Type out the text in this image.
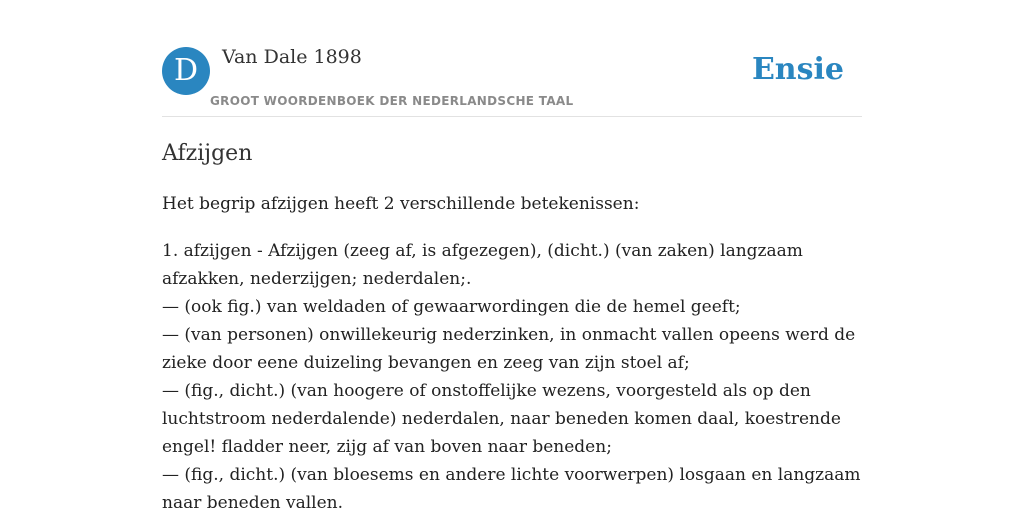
D	Van Dale 1898
GROOT WOORDENBOEK DER NEDERLANDSCHE TAAL
Ensie
Afzijgen

Het begrip afzijgen heeft 2 verschillende betekenissen:

1. afzijgen - Afzijgen (zeeg af, is afgezegen), (dicht.) (van zaken) langzaam
afzakken, nederzijgen; nederdalen;.
— (ook fig.) van weldaden of gewaarwordingen die de hemel geeft;
— (van personen) onwillekeurig nederzinken, in onmacht vallen opeens werd de
zieke door eene duizeling bevangen en zeeg van zijn stoel af;
— (fig., dicht.) (van hoogere of onstoffelijke wezens, voorgesteld als op den
luchtstroom nederdalende) nederdalen, naar beneden komen daal, koestrende
engel! fladder neer, zijg af van boven naar beneden;
— (fig., dicht.) (van bloesems en andere lichte voorwerpen) losgaan en langzaam
naar beneden vallen.
